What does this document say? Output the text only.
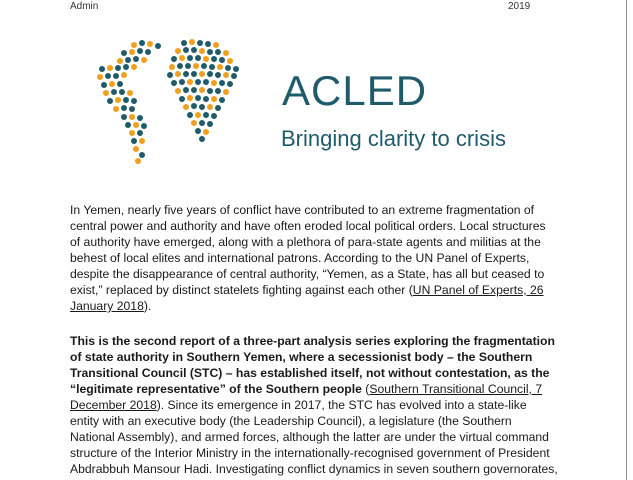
Admin	2019
ACLED
Bringing clarity to crisis
In Yemen, nearly five years of conflict have contributed to an extreme fragmentation of central power and authority and have often eroded local political orders. Local structures of authority have emerged, along with a plethora of para-state agents and militias at the behest of local elites and international patrons. According to the UN Panel of Experts, despite the disappearance of central authority, “Yemen, as a State, has all but ceased to exist,” replaced by distinct statelets fighting against each other (UN Panel of Experts, 26 January 2018).
This is the second report of a three-part analysis series exploring the fragmentation of state authority in Southern Yemen, where a secessionist body – the Southern Transitional Council (STC) – has established itself, not without contestation, as the “legitimate representative” of the Southern people (Southern Transitional Council, 7 December 2018). Since its emergence in 2017, the STC has evolved into a state-like entity with an executive body (the Leadership Council), a legislature (the Southern National Assembly), and armed forces, although the latter are under the virtual command structure of the Interior Ministry in the internationally-recognised government of President Abdrabbuh Mansour Hadi. Investigating conflict dynamics in seven southern governorates,
